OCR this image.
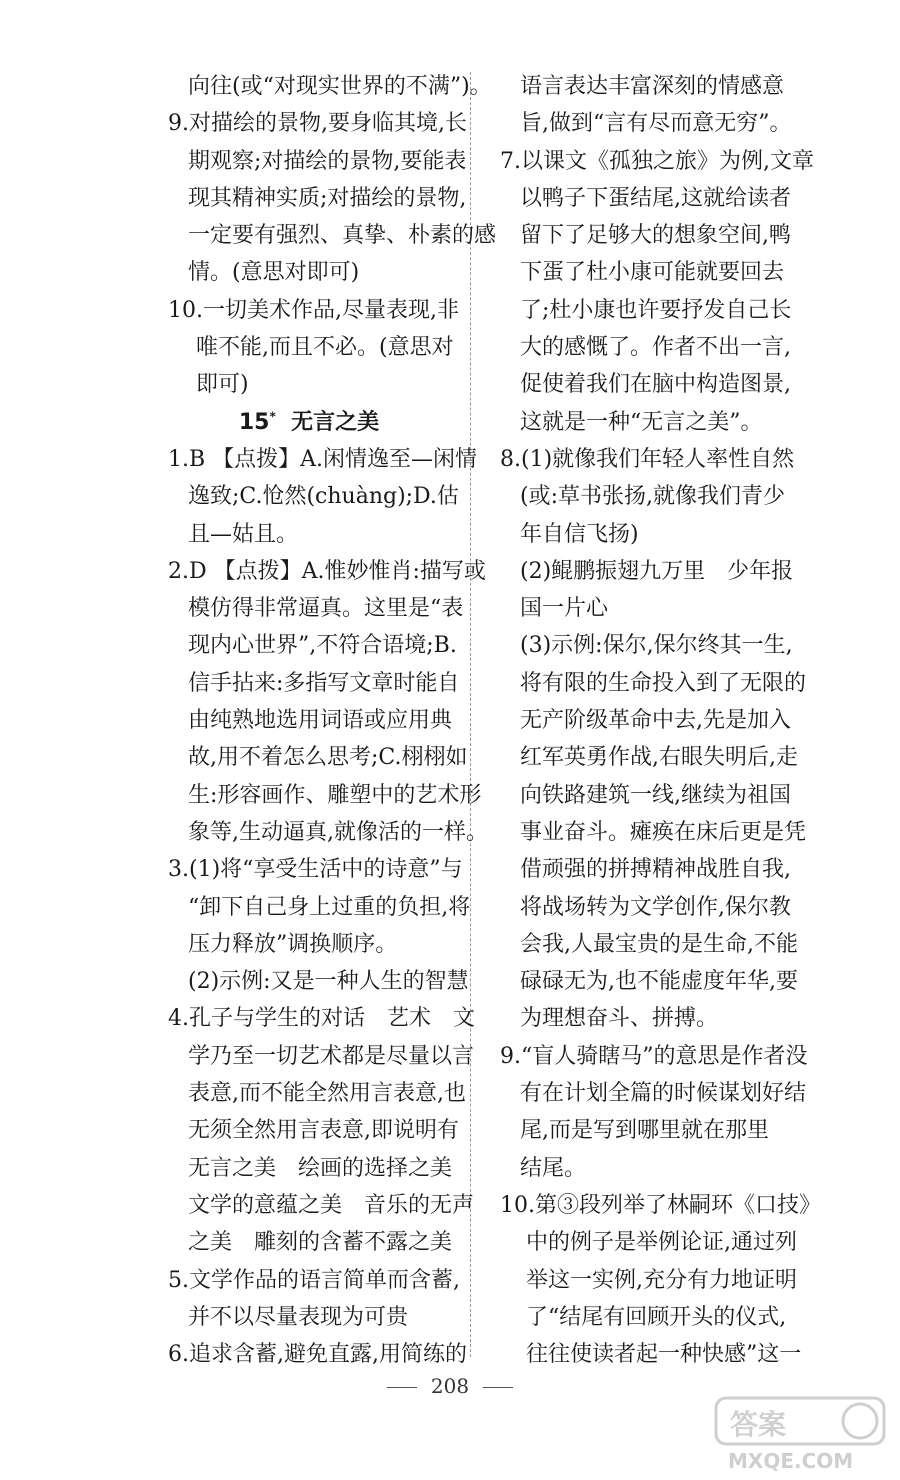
向往(或“对现实世界的不满”)。
9.对描绘的景物,要身临其境,长
期观察;对描绘的景物,要能表
现其精神实质;对描绘的景物,
一定要有强烈、真挚、朴素的感
情。(意思对即可)
10.一切美术作品,尽量表现,非
唯不能,而且不必。(意思对
即可)
15* 无言之美
1.B 【点拨】A.闲情逸至—闲情
逸致;C.怆然(chuàng);D.估
且—姑且。
2.D 【点拨】A.惟妙惟肖:描写或
模仿得非常逼真。这里是“表
现内心世界”,不符合语境;B.
信手拈来:多指写文章时能自
由纯熟地选用词语或应用典
故,用不着怎么思考;C.栩栩如
生:形容画作、雕塑中的艺术形
象等,生动逼真,就像活的一样。
3.(1)将“享受生活中的诗意”与
“卸下自己身上过重的负担,将
压力释放”调换顺序。
(2)示例:又是一种人生的智慧
4.孔子与学生的对话　艺术　文
学乃至一切艺术都是尽量以言
表意,而不能全然用言表意,也
无须全然用言表意,即说明有
无言之美　绘画的选择之美
文学的意蕴之美　音乐的无声
之美　雕刻的含蓄不露之美
5.文学作品的语言简单而含蓄,
并不以尽量表现为可贵
6.追求含蓄,避免直露,用简练的
语言表达丰富深刻的情感意
旨,做到“言有尽而意无穷”。
7.以课文《孤独之旅》为例,文章
以鸭子下蛋结尾,这就给读者
留下了足够大的想象空间,鸭
下蛋了杜小康可能就要回去
了;杜小康也许要抒发自己长
大的感慨了。作者不出一言,
促使着我们在脑中构造图景,
这就是一种“无言之美”。
8.(1)就像我们年轻人率性自然
(或:草书张扬,就像我们青少
年自信飞扬)
(2)鲲鹏振翅九万里　少年报
国一片心
(3)示例:保尔,保尔终其一生,
将有限的生命投入到了无限的
无产阶级革命中去,先是加入
红军英勇作战,右眼失明后,走
向铁路建筑一线,继续为祖国
事业奋斗。瘫痪在床后更是凭
借顽强的拼搏精神战胜自我,
将战场转为文学创作,保尔教
会我,人最宝贵的是生命,不能
碌碌无为,也不能虚度年华,要
为理想奋斗、拼搏。
9.“盲人骑瞎马”的意思是作者没
有在计划全篇的时候谋划好结
尾,而是写到哪里就在那里
结尾。
10.第③段列举了林嗣环《口技》
中的例子是举例论证,通过列
举这一实例,充分有力地证明
了“结尾有回顾开头的仪式,
往往使读者起一种快感”这一
208
答案
MXQE.COM
